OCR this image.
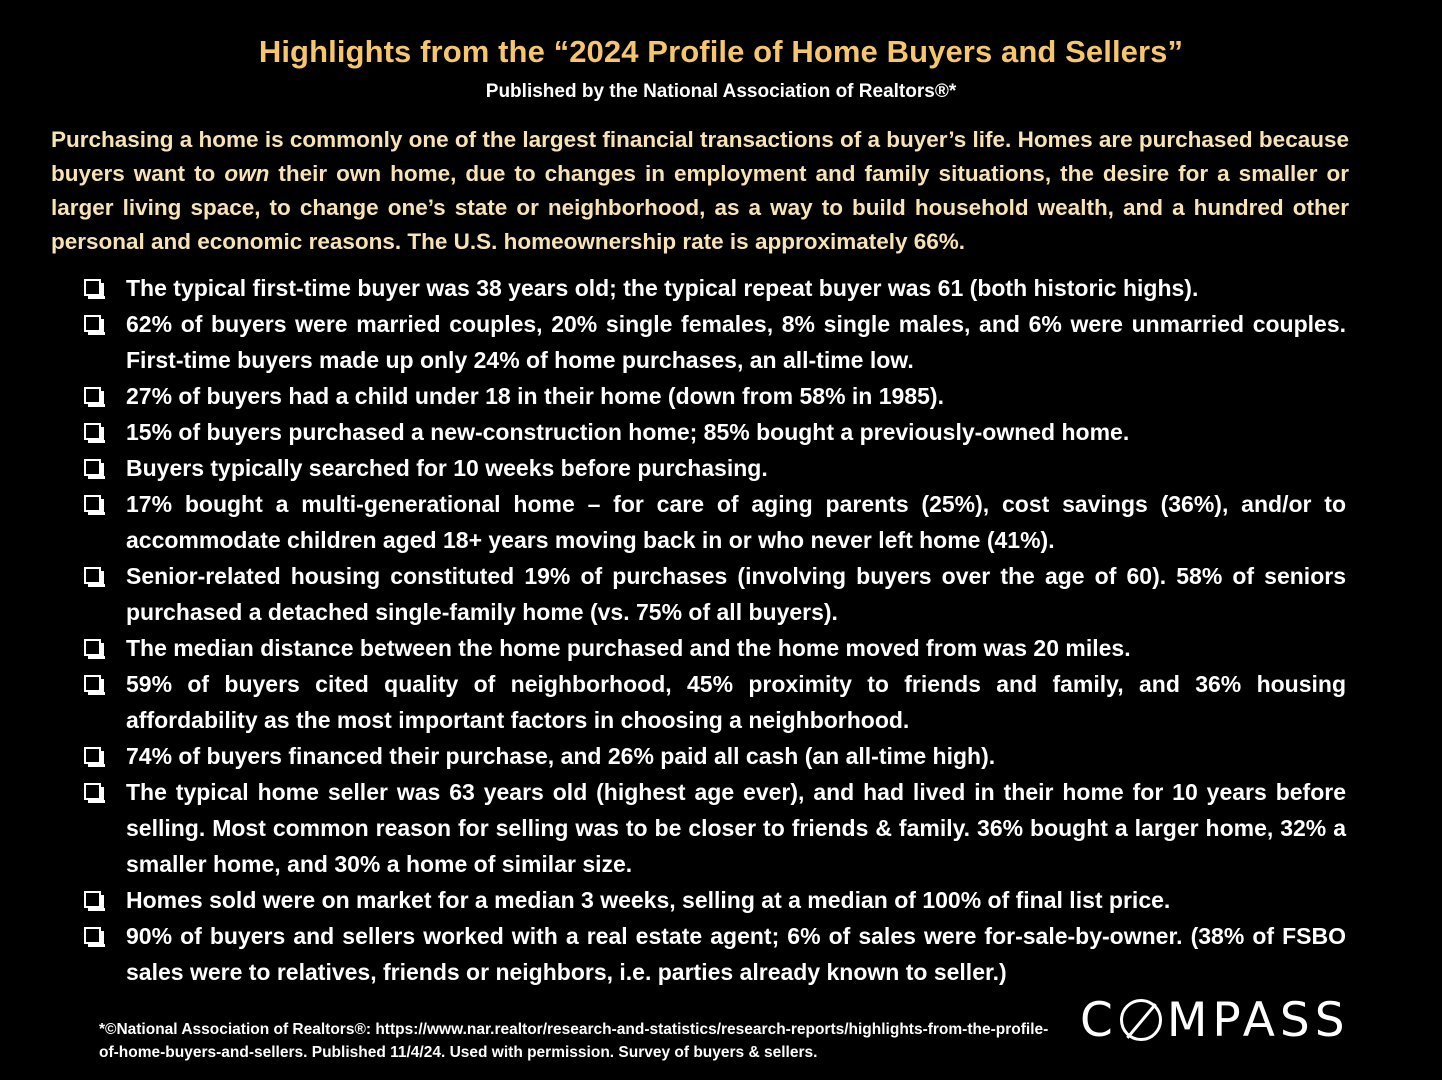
Highlights from the “2024 Profile of Home Buyers and Sellers”
Published by the National Association of Realtors®*

Purchasing a home is commonly one of the largest financial transactions of a buyer’s life. Homes are purchased because buyers want to own their own home, due to changes in employment and family situations, the desire for a smaller or larger living space, to change one’s state or neighborhood, as a way to build household wealth, and a hundred other personal and economic reasons. The U.S. homeownership rate is approximately 66%.

The typical first-time buyer was 38 years old; the typical repeat buyer was 61 (both historic highs).
62% of buyers were married couples, 20% single females, 8% single males, and 6% were unmarried couples. First-time buyers made up only 24% of home purchases, an all-time low.
27% of buyers had a child under 18 in their home (down from 58% in 1985).
15% of buyers purchased a new-construction home; 85% bought a previously-owned home.
Buyers typically searched for 10 weeks before purchasing.
17% bought a multi-generational home – for care of aging parents (25%), cost savings (36%), and/or to accommodate children aged 18+ years moving back in or who never left home (41%).
Senior-related housing constituted 19% of purchases (involving buyers over the age of 60). 58% of seniors purchased a detached single-family home (vs. 75% of all buyers).
The median distance between the home purchased and the home moved from was 20 miles.
59% of buyers cited quality of neighborhood, 45% proximity to friends and family, and 36% housing affordability as the most important factors in choosing a neighborhood.
74% of buyers financed their purchase, and 26% paid all cash (an all-time high).
The typical home seller was 63 years old (highest age ever), and had lived in their home for 10 years before selling. Most common reason for selling was to be closer to friends & family. 36% bought a larger home, 32% a smaller home, and 30% a home of similar size.
Homes sold were on market for a median 3 weeks, selling at a median of 100% of final list price.
90% of buyers and sellers worked with a real estate agent; 6% of sales were for-sale-by-owner. (38% of FSBO sales were to relatives, friends or neighbors, i.e. parties already known to seller.)

*©National Association of Realtors®: https://www.nar.realtor/research-and-statistics/research-reports/highlights-from-the-profile-of-home-buyers-and-sellers. Published 11/4/24. Used with permission. Survey of buyers & sellers.

C MPASS
